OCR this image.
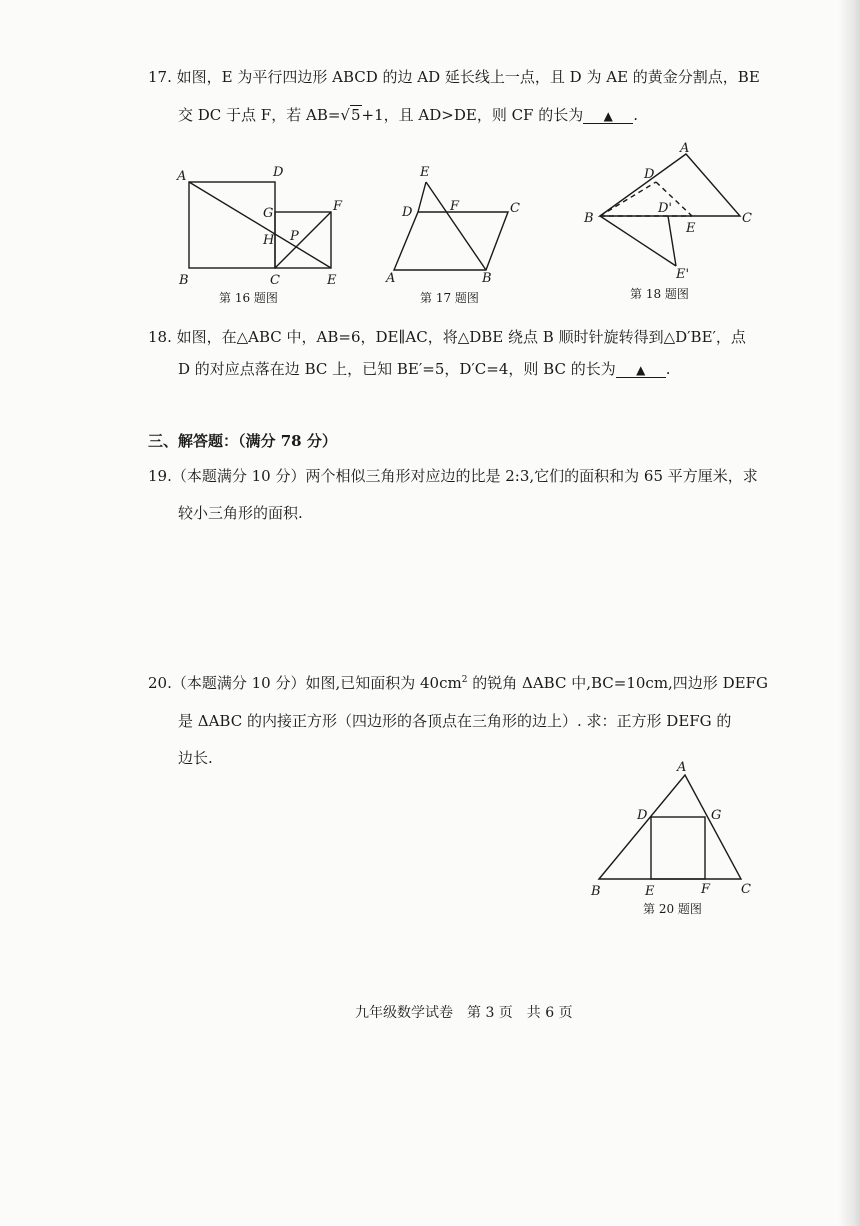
17. 如图，E 为平行四边形 ABCD 的边 AD 延长线上一点，且 D 为 AE 的黄金分割点，BE
交 DC 于点 F，若 AB=√5+1，且 AD>DE，则 CF 的长为 ▲ .
A	D
G	F
H P
B	C	E
第 16 题图
E
D	F	C
A	B
第 17 题图
A
D
D'
B
E
C
E'
第 18 题图
18. 如图，在△ABC 中，AB=6，DE∥AC，将△DBE 绕点 B 顺时针旋转得到△D′BE′，点
D 的对应点落在边 BC 上，已知 BE′=5，D′C=4，则 BC 的长为 ▲ .
三、解答题：（满分 78 分）
19.（本题满分 10 分）两个相似三角形对应边的比是 2:3,它们的面积和为 65 平方厘米，求
较小三角形的面积.
20.（本题满分 10 分）如图,已知面积为 $40cm^2$ 的锐角 ΔABC 中,BC=10cm,四边形 DEFG
是 ΔABC 的内接正方形（四边形的各顶点在三角形的边上）. 求：正方形 DEFG 的
边长.
A
D	G
B	E	F C
第 20 题图
九年级数学试卷　第 3 页　共 6 页
